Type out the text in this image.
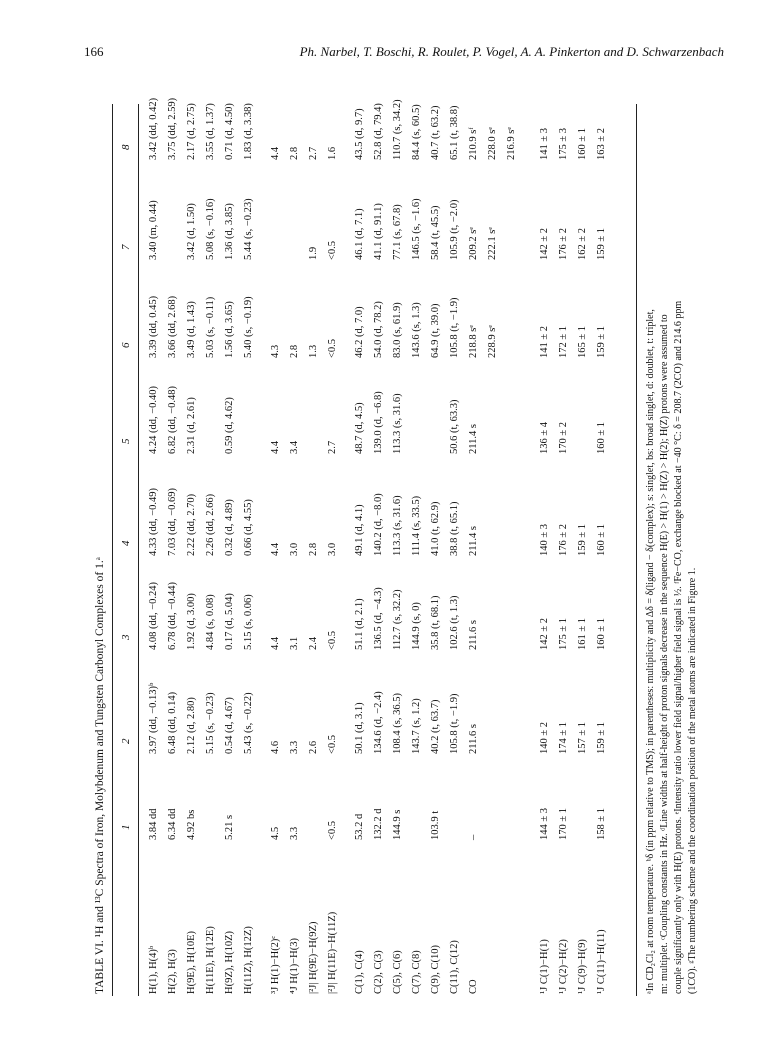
166	Ph. Narbel, T. Boschi, R. Roulet, P. Vogel, A. A. Pinkerton and D. Schwarzenbach
TABLE VI. ¹H and ¹³C Spectra of Iron, Molybdenum and Tungsten Carbonyl Complexes of 1.ᵃ 1
2
3
4
5
6
7
8
H(1), H(4)ᵇ
3.84 dd
3.97 (dd, −0.13)ᵇ
4.08 (dd, −0.24)
4.33 (dd, −0.49)
4.24 (dd, −0.40)
3.39 (dd, 0.45)
3.40 (m, 0.44)
3.42 (dd, 0.42)
H(2), H(3)
6.34 dd
6.48 (dd, 0.14)
6.78 (dd, −0.44)
7.03 (dd, −0.69)
6.82 (dd, −0.48)
3.66 (dd, 2.68)
3.75 (dd, 2.59)
H(9E), H(10E)
4.92 bs
2.12 (d, 2.80)
1.92 (d, 3.00)
2.22 (dd, 2.70)
2.31 (d, 2.61)
3.49 (d, 1.43)
3.42 (d, 1.50)
2.17 (d, 2.75)
H(11E), H(12E)
5.15 (s, −0.23)
4.84 (s, 0.08)
2.26 (dd, 2.66)
5.03 (s, −0.11)
5.08 (s, −0.16)
3.55 (d, 1.37)
H(9Z), H(10Z)
5.21 s
0.54 (d, 4.67)
0.17 (d, 5.04)
0.32 (d, 4.89)
0.59 (d, 4.62)
1.56 (d, 3.65)
1.36 (d, 3.85)
0.71 (d, 4.50)
H(11Z), H(12Z)
5.43 (s, −0.22)
5.15 (s, 0.06)
0.66 (d, 4.55)
5.40 (s, −0.19)
5.44 (s, −0.23)
1.83 (d, 3.38)
³J H(1)−H(2)ᶜ
4.5
4.6
4.4
4.4
4.4
4.3
4.4
⁴J H(1)−H(3)
3.3
3.3
3.1
3.0
3.4
2.8
2.8
|²J| H(9E)−H(9Z)
2.6
2.4
2.8
1.3
1.9
2.7
|²J| H(11E)−H(11Z)
<0.5
<0.5
<0.5
3.0
2.7
<0.5
<0.5
1.6
C(1), C(4)
53.2 d
50.1 (d, 3.1)
51.1 (d, 2.1)
49.1 (d, 4.1)
48.7 (d, 4.5)
46.2 (d, 7.0)
46.1 (d, 7.1)
43.5 (d, 9.7)
C(2), C(3)
132.2 d
134.6 (d, −2.4)
136.5 (d, −4.3)
140.2 (d, −8.0)
139.0 (d, −6.8)
54.0 (d, 78.2)
41.1 (d, 91.1)
52.8 (d, 79.4)
C(5), C(6)
144.9 s
108.4 (s, 36.5)
112.7 (s, 32.2)
113.3 (s, 31.6)
113.3 (s, 31.6)
83.0 (s, 61.9)
77.1 (s, 67.8)
110.7 (s, 34.2)
C(7), C(8)
143.7 (s, 1.2)
144.9 (s, 0)
111.4 (s, 33.5)
143.6 (s, 1.3)
146.5 (s, −1.6)
84.4 (s, 60.5)
C(9), C(10)
103.9 t
40.2 (t, 63.7)
35.8 (t, 68.1)
41.0 (t, 62.9)
64.9 (t, 39.0)
58.4 (t, 45.5)
40.7 (t, 63.2)
C(11), C(12)
105.8 (t, −1.9)
102.6 (t, 1.3)
38.8 (t, 65.1)
50.6 (t, 63.3)
105.8 (t, −1.9)
105.9 (t, −2.0)
65.1 (t, 38.8)
CO
–
211.6 s
211.6 s
211.4 s
211.4 s
218.8 sᵉ
209.2 sᵉ
210.9 sᶠ
228.9 sᵉ
222.1 sᵉ
228.0 sᵉ 216.9 sᵉ
¹J C(1)−H(1)
144 ± 3
140 ± 2
142 ± 2
140 ± 3
136 ± 4
141 ± 2
142 ± 2
141 ± 3
¹J C(2)−H(2)
170 ± 1
174 ± 1
175 ± 1
176 ± 2
170 ± 2
172 ± 1
176 ± 2
175 ± 3
¹J C(9)−H(9)
157 ± 1
161 ± 1
159 ± 1
165 ± 1
162 ± 2
160 ± 1
¹J C(11)−H(11)
158 ± 1
159 ± 1
160 ± 1
160 ± 1
160 ± 1
159 ± 1
159 ± 1
163 ± 2
ᵃIn CD₂Cl₂ at room temperature. ᵇδ (in ppm relative to TMS); in parentheses: multiplicity and Δδ = δ(ligand − δ(complex); s: singlet, bs: broad singlet, d: doublet, t: triplet, m: multiplet. ᶜCoupling constants in Hz. ᵈLine widths at half-height of proton signals decrease in the sequence H(E) > H(1) > H(Z) > H(2); H(Z) protons were assumed to couple significantly only with H(E) protons. ᵉIntensity ratio lower field signal/higher field signal is ½. ᶠFe−CO, exchange blocked at −40 °C: δ = 208.7 (2CO) and 214.6 ppm (1CO). ᵍThe numbering scheme and the coordination position of the metal atoms are indicated in Figure 1.
